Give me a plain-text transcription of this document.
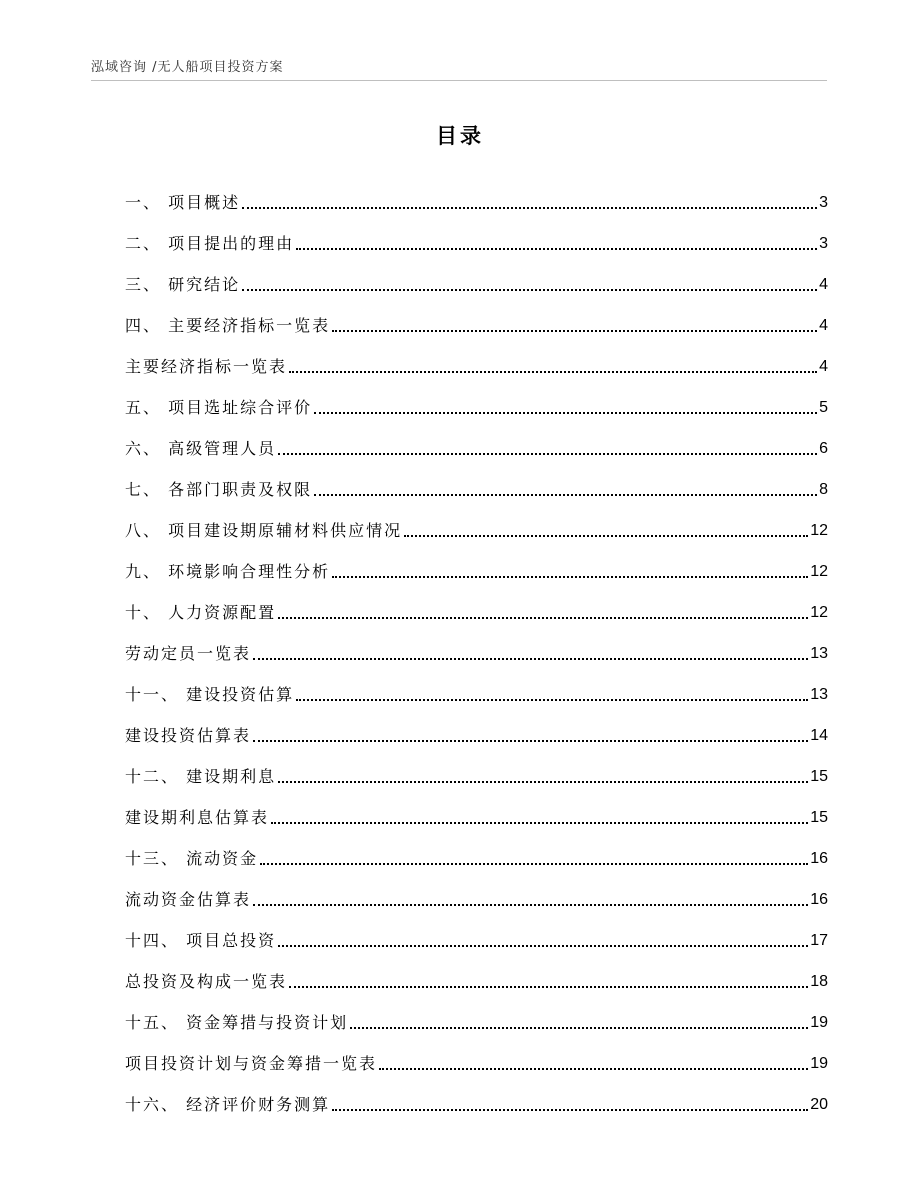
泓域咨询 /无人船项目投资方案
目录
一、 项目概述	3
二、 项目提出的理由	3
三、 研究结论	4
四、 主要经济指标一览表	4
主要经济指标一览表	4
五、 项目选址综合评价	5
六、 高级管理人员	6
七、 各部门职责及权限	8
八、 项目建设期原辅材料供应情况	12
九、 环境影响合理性分析	12
十、 人力资源配置	12
劳动定员一览表	13
十一、 建设投资估算	13
建设投资估算表	14
十二、 建设期利息	15
建设期利息估算表	15
十三、 流动资金	16
流动资金估算表	16
十四、 项目总投资	17
总投资及构成一览表	18
十五、 资金筹措与投资计划	19
项目投资计划与资金筹措一览表	19
十六、 经济评价财务测算	20
